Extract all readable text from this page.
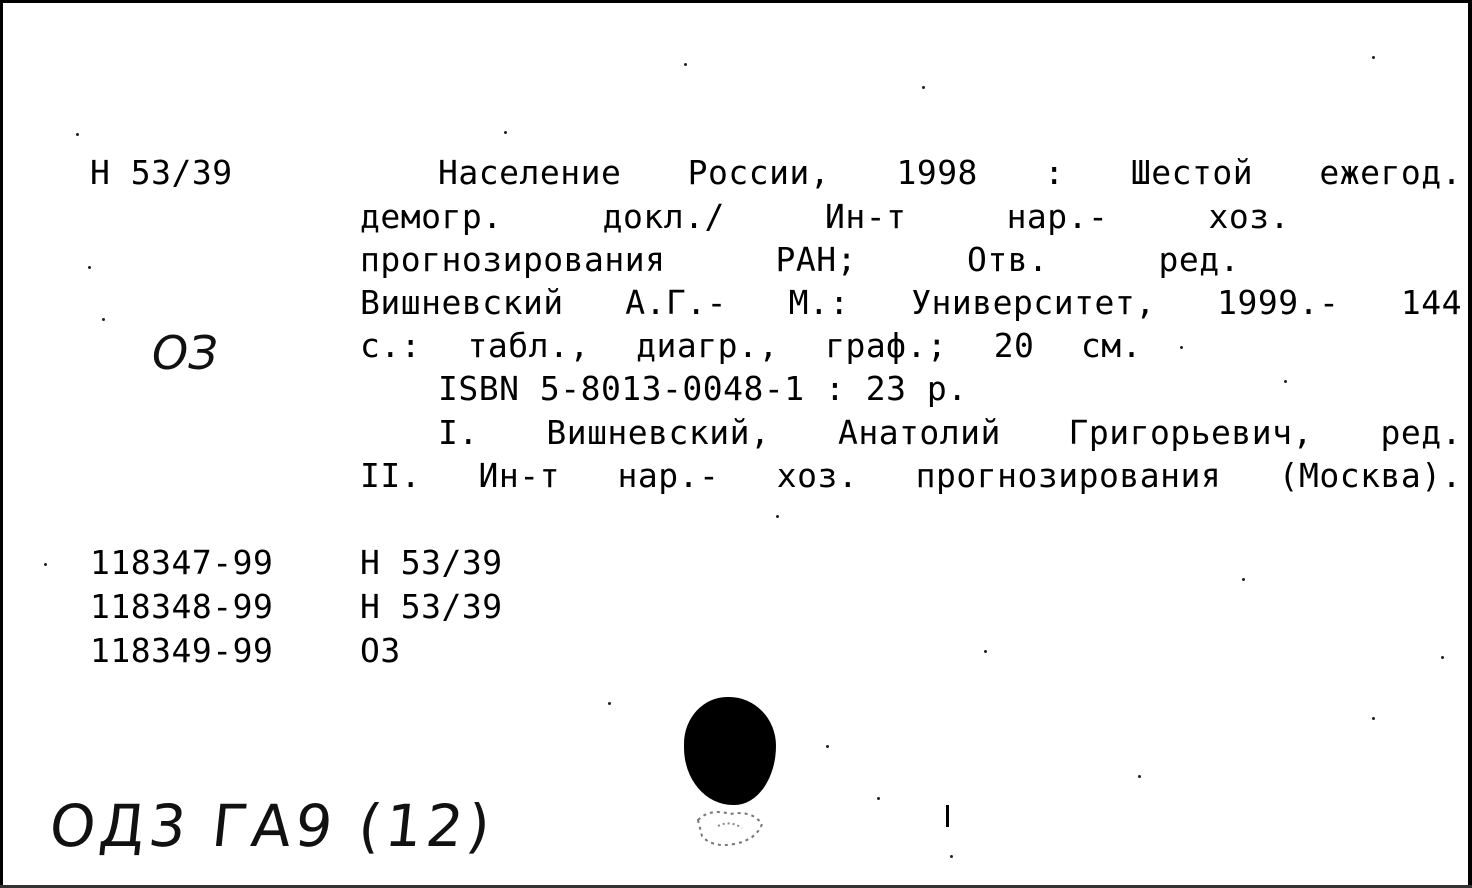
Н 53/39
ОЗ
Население России, 1998 : Шестой ежегод.
демогр.	докл./	Ин-т	нар.-	хоз.
прогнозирования	РАН;	Отв.	ред.
Вишневский А.Г.- М.: Университет, 1999.- 144
с.: табл., диагр., граф.; 20 см.
ISBN 5-8013-0048-1 : 23 р.
I. Вишневский, Анатолий Григорьевич, ред.
II. Ин-т нар.- хоз. прогнозирования (Москва).
118347-99	Н 53/39
118348-99	Н 53/39
118349-99	ОЗ
ОД3 ГА9 (12)
